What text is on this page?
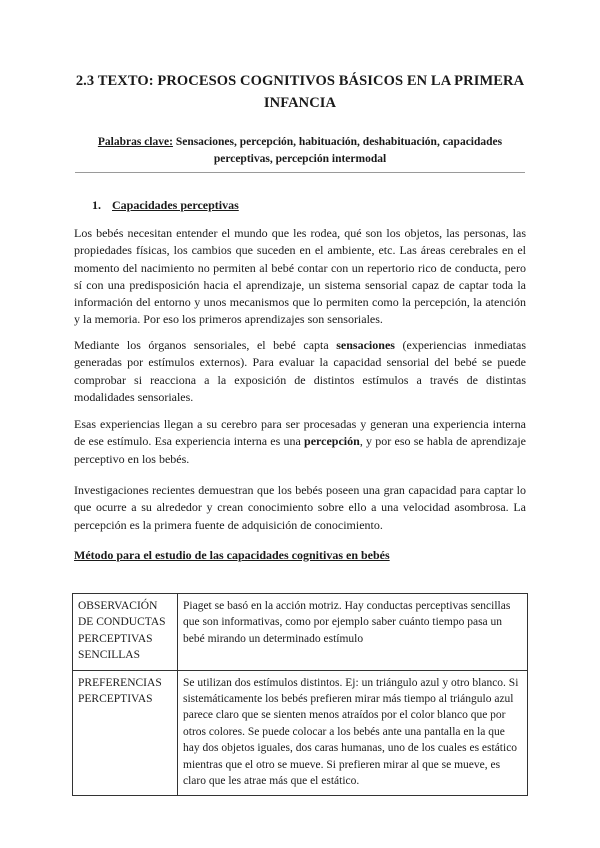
2.3 TEXTO: PROCESOS COGNITIVOS BÁSICOS EN LA PRIMERA INFANCIA
Palabras clave: Sensaciones, percepción, habituación, deshabituación, capacidades perceptivas, percepción intermodal
1. Capacidades perceptivas

Los bebés necesitan entender el mundo que les rodea, qué son los objetos, las personas, las propiedades físicas, los cambios que suceden en el ambiente, etc. Las áreas cerebrales en el momento del nacimiento no permiten al bebé contar con un repertorio rico de conducta, pero sí con una predisposición hacia el aprendizaje, un sistema sensorial capaz de captar toda la información del entorno y unos mecanismos que lo permiten como la percepción, la atención y la memoria. Por eso los primeros aprendizajes son sensoriales.

Mediante los órganos sensoriales, el bebé capta sensaciones (experiencias inmediatas generadas por estímulos externos). Para evaluar la capacidad sensorial del bebé se puede comprobar si reacciona a la exposición de distintos estímulos a través de distintas modalidades sensoriales.

Esas experiencias llegan a su cerebro para ser procesadas y generan una experiencia interna de ese estímulo. Esa experiencia interna es una percepción, y por eso se habla de aprendizaje perceptivo en los bebés.

Investigaciones recientes demuestran que los bebés poseen una gran capacidad para captar lo que ocurre a su alrededor y crean conocimiento sobre ello a una velocidad asombrosa. La percepción es la primera fuente de adquisición de conocimiento.

Método para el estudio de las capacidades cognitivas en bebés
OBSERVACIÓN DE CONDUCTAS PERCEPTIVAS SENCILLAS	Piaget se basó en la acción motriz. Hay conductas perceptivas sencillas que son informativas, como por ejemplo saber cuánto tiempo pasa un bebé mirando un determinado estímulo
PREFERENCIAS PERCEPTIVAS	Se utilizan dos estímulos distintos. Ej: un triángulo azul y otro blanco. Si sistemáticamente los bebés prefieren mirar más tiempo al triángulo azul parece claro que se sienten menos atraídos por el color blanco que por otros colores. Se puede colocar a los bebés ante una pantalla en la que hay dos objetos iguales, dos caras humanas, uno de los cuales es estático mientras que el otro se mueve. Si prefieren mirar al que se mueve, es claro que les atrae más que el estático.
